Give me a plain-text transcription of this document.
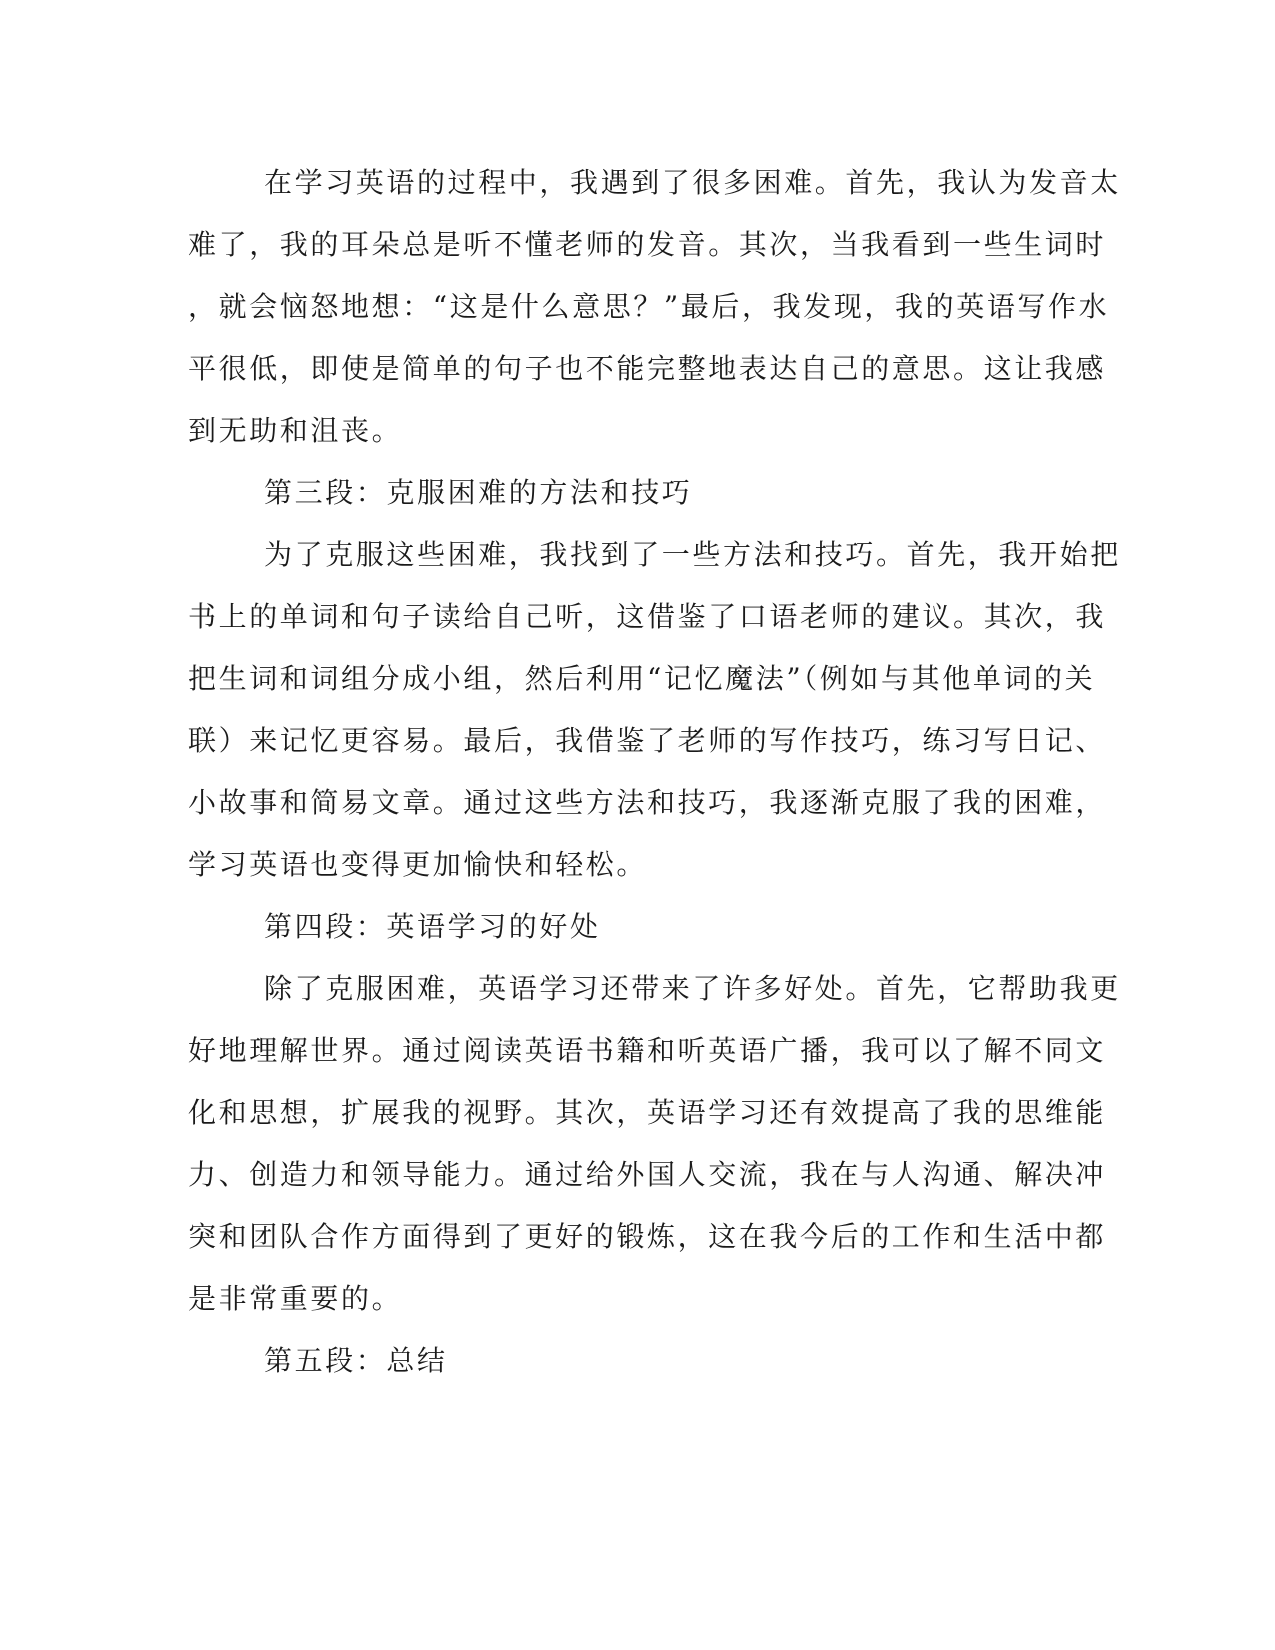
在学习英语的过程中，我遇到了很多困难。首先，我认为发音太
难了，我的耳朵总是听不懂老师的发音。其次，当我看到一些生词时
，就会恼怒地想：“这是什么意思？”最后，我发现，我的英语写作水
平很低，即使是简单的句子也不能完整地表达自己的意思。这让我感
到无助和沮丧。
第三段：克服困难的方法和技巧
为了克服这些困难，我找到了一些方法和技巧。首先，我开始把
书上的单词和句子读给自己听，这借鉴了口语老师的建议。其次，我
把生词和词组分成小组，然后利用“记忆魔法”（例如与其他单词的关
联）来记忆更容易。最后，我借鉴了老师的写作技巧，练习写日记、
小故事和简易文章。通过这些方法和技巧，我逐渐克服了我的困难，
学习英语也变得更加愉快和轻松。
第四段：英语学习的好处
除了克服困难，英语学习还带来了许多好处。首先，它帮助我更
好地理解世界。通过阅读英语书籍和听英语广播，我可以了解不同文
化和思想，扩展我的视野。其次，英语学习还有效提高了我的思维能
力、创造力和领导能力。通过给外国人交流，我在与人沟通、解决冲
突和团队合作方面得到了更好的锻炼，这在我今后的工作和生活中都
是非常重要的。
第五段：总结
